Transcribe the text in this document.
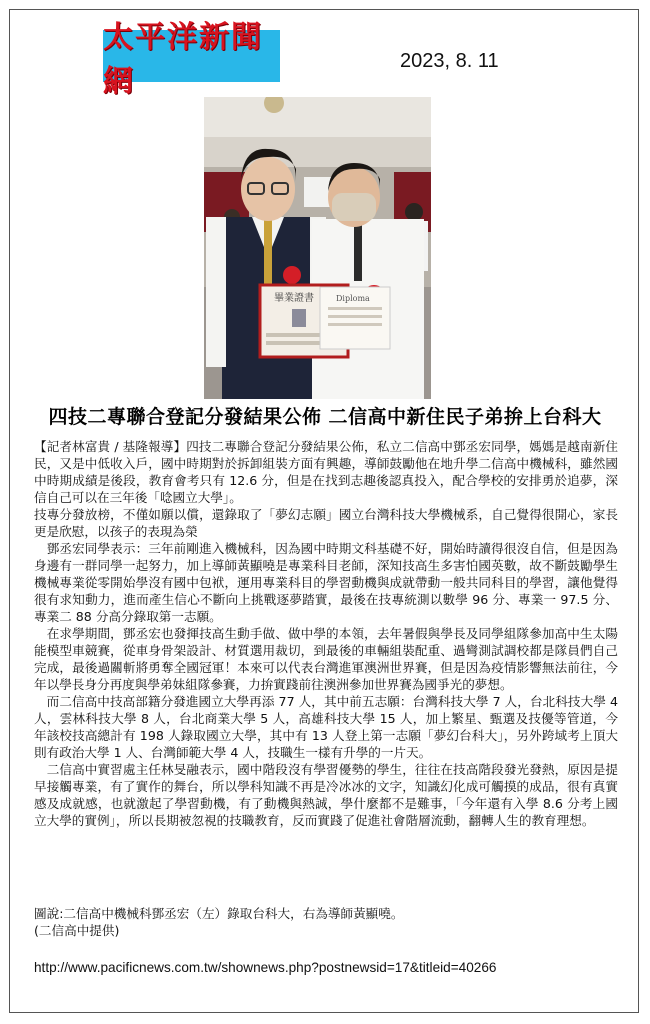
太平洋新聞網
2023, 8. 11
畢業證書	Diploma
四技二專聯合登記分發結果公佈 二信高中新住民子弟拚上台科大

【記者林富貴 / 基隆報導】四技二專聯合登記分發結果公佈，私立二信高中鄧丞宏同學，媽媽是越南新住民，又是中低收入戶，國中時期對於拆卸組裝方面有興趣，導師鼓勵他在地升學二信高中機械科，雖然國中時期成績是後段，教育會考只有 12.6 分，但是在找到志趣後認真投入，配合學校的安排勇於追夢，深信自己可以在三年後「唸國立大學」。

技專分發放榜，不僅如願以償，還錄取了「夢幻志願」國立台灣科技大學機械系，自己覺得很開心，家長更是欣慰，以孩子的表現為榮

　鄧丞宏同學表示：三年前剛進入機械科，因為國中時期文科基礎不好，開始時讀得很沒自信，但是因為身邊有一群同學一起努力，加上導師黃顯嘵是專業科目老師，深知技高生多害怕國英數，故不斷鼓勵學生機械專業從零開始學沒有國中包袱，運用專業科目的學習動機與成就帶動一般共同科目的學習，讓他覺得很有求知動力，進而產生信心不斷向上挑戰逐夢踏實，最後在技專統測以數學 96 分、專業一 97.5 分、專業二 88 分高分錄取第一志願。

　在求學期間，鄧丞宏也發揮技高生動手做、做中學的本領，去年暑假與學長及同學組隊參加高中生太陽能模型車競賽，從車身骨架設計、材質選用裁切，到最後的車輛組裝配重、過彎測試調校都是隊員們自己完成，最後過關斬將勇奪全國冠軍！本來可以代表台灣進軍澳洲世界賽，但是因為疫情影響無法前往，今年以學長身分再度與學弟妹組隊參賽，力拚實踐前往澳洲參加世界賽為國爭光的夢想。

　而二信高中技高部籍分發進國立大學再添 77 人，其中前五志願：台灣科技大學 7 人，台北科技大學 4 人，雲林科技大學 8 人，台北商業大學 5 人，高雄科技大學 15 人，加上繁星、甄選及技優等管道，今年該校技高總計有 198 人錄取國立大學，其中有 13 人登上第一志願「夢幻台科大」，另外跨域考上頂大則有政治大學 1 人、台灣師範大學 4 人，技職生一樣有升學的一片天。

　二信高中實習處主任林旻融表示，國中階段沒有學習優勢的學生，往往在技高階段發光發熱，原因是提早接觸專業，有了實作的舞台，所以學科知識不再是冷冰冰的文字，知識幻化成可觸摸的成品，很有真實感及成就感，也就激起了學習動機，有了動機與熱誠，學什麼都不是難事，「今年還有入學 8.6 分考上國立大學的實例」，所以長期被忽視的技職教育，反而實踐了促進社會階層流動，翻轉人生的教育理想。

圖說:二信高中機械科鄧丞宏（左）錄取台科大，右為導師黃顯嘵。

(二信高中提供)

http://www.pacificnews.com.tw/shownews.php?postnewsid=17&titleid=40266
